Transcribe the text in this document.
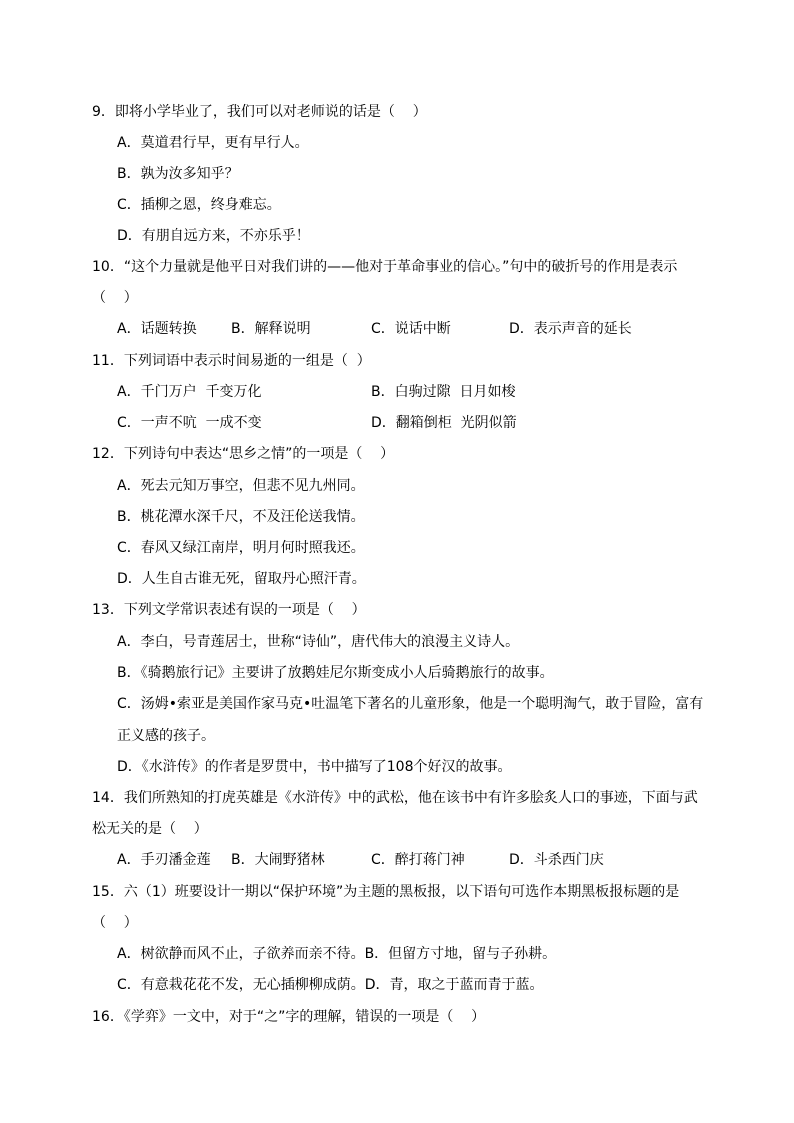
9．即将小学毕业了，我们可以对老师说的话是（    ）
A．莫道君行早，更有早行人。
B．孰为汝多知乎？
C．插柳之恩，终身难忘。
D．有朋自远方来，不亦乐乎！
10．“这个力量就是他平日对我们讲的——他对于革命事业的信心。”句中的破折号的作用是表示
（    ）

A．话题转换

B．解释说明

	C．说话中断

	D．表示声音的延长

11．下列词语中表示时间易逝的一组是（  ）

A．千门万户  千变万化

	B．白驹过隙  日月如梭

C．一声不吭  一成不变

	D．翻箱倒柜  光阴似箭

12．下列诗句中表达“思乡之情”的一项是（    ）
A．死去元知万事空，但悲不见九州同。
B．桃花潭水深千尺，不及汪伦送我情。
C．春风又绿江南岸，明月何时照我还。
D．人生自古谁无死，留取丹心照汗青。
13．下列文学常识表述有误的一项是（    ）
A．李白，号青莲居士，世称“诗仙”，唐代伟大的浪漫主义诗人。
B．《骑鹅旅行记》主要讲了放鹅娃尼尔斯变成小人后骑鹅旅行的故事。
C．汤姆•索亚是美国作家马克•吐温笔下著名的儿童形象，他是一个聪明淘气，敢于冒险，富有
正义感的孩子。
D．《水浒传》的作者是罗贯中，书中描写了108个好汉的故事。
14．我们所熟知的打虎英雄是《水浒传》中的武松，他在该书中有许多脍炙人口的事迹，下面与武
松无关的是（    ）

A．手刃潘金莲

B．大闹野猪林

	C．醉打蒋门神

	D．斗杀西门庆

15．六（1）班要设计一期以“保护环境”为主题的黑板报，以下语句可选作本期黑板报标题的是
（    ）
A．树欲静而风不止，子欲养而亲不待。B．但留方寸地，留与子孙耕。
C．有意栽花花不发，无心插柳柳成荫。D．青，取之于蓝而青于蓝。
16．《学弈》一文中，对于“之”字的理解，错误的一项是（    ）
